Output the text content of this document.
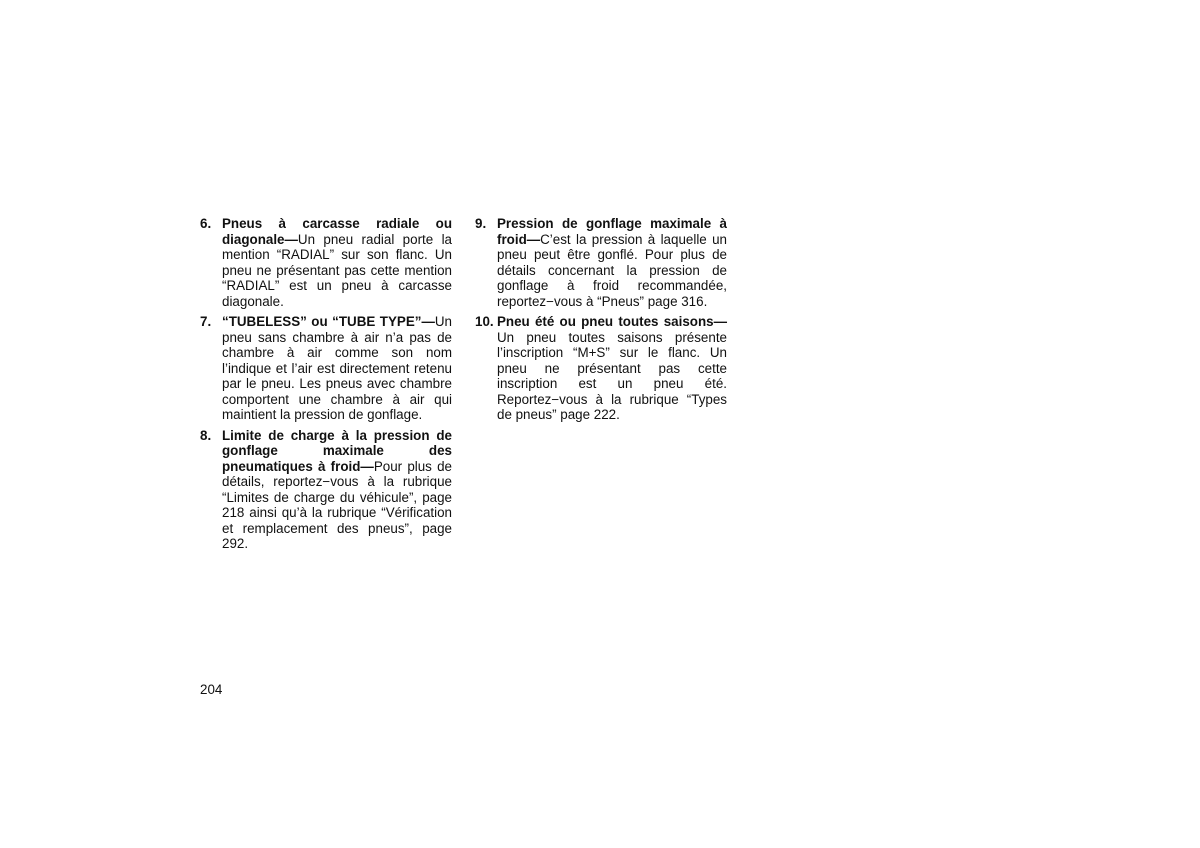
6. Pneus à carcasse radiale ou diagonale—Un pneu radial porte la mention “RADIAL” sur son flanc. Un pneu ne présentant pas cette mention “RADIAL” est un pneu à carcasse diagonale.
7. “TUBELESS” ou “TUBE TYPE”—Un pneu sans chambre à air n’a pas de chambre à air comme son nom l’indique et l’air est directement retenu par le pneu. Les pneus avec chambre comportent une chambre à air qui maintient la pression de gonflage.
8. Limite de charge à la pression de gonflage maximale des pneumatiques à froid—Pour plus de détails, reportez−vous à la rubrique “Limites de charge du véhicule”, page 218 ainsi qu’à la rubrique “Vérification et remplacement des pneus”, page 292.
9. Pression de gonflage maximale à froid—C’est la pression à laquelle un pneu peut être gonflé. Pour plus de détails concernant la pression de gonflage à froid recommandée, reportez−vous à “Pneus” page 316.
10. Pneu été ou pneu toutes saisons—Un pneu toutes saisons présente l’inscription “M+S” sur le flanc. Un pneu ne présentant pas cette inscription est un pneu été. Reportez−vous à la rubrique “Types de pneus” page 222.
204
